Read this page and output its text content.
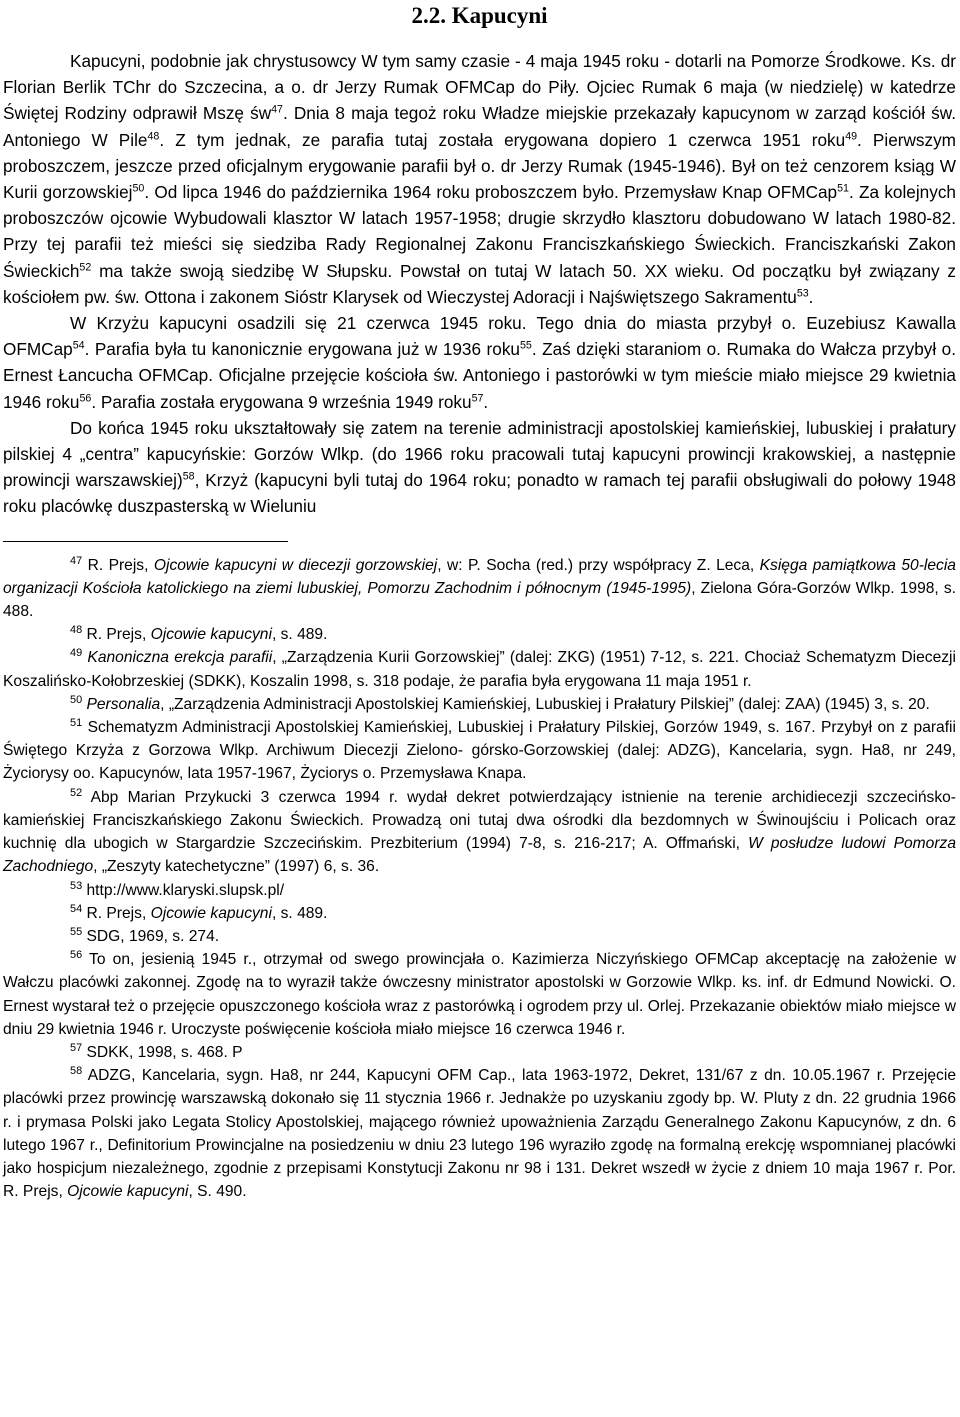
2.2. Kapucyni

Kapucyni, podobnie jak chrystusowcy W tym samy czasie - 4 maja 1945 roku - dotarli na Pomorze Środkowe. Ks. dr Florian Berlik TChr do Szczecina, a o. dr Jerzy Rumak OFMCap do Piły. Ojciec Rumak 6 maja (w niedzielę) w katedrze Świętej Rodziny odprawił Mszę $św^{47}$. Dnia 8 maja tegoż roku Władze miejskie przekazały kapucynom w zarząd kościół św. Antoniego W Pile$^{48}$. Z tym jednak, ze parafia tutaj została erygowana dopiero 1 czerwca 1951 roku$^{49}$. Pierwszym proboszczem, jeszcze przed oficjalnym erygowanie parafii był o. dr Jerzy Rumak (1945-1946). Był on też cenzorem ksiąg W Kurii gorzowskiej$^{50}$. Od lipca 1946 do października 1964 roku proboszczem było. Przemysław Knap OFMCap$^{51}$. Za kolejnych proboszczów ojcowie Wybudowali klasztor W latach 1957-1958; drugie skrzydło klasztoru dobudowano W latach 1980-82. Przy tej parafii też mieści się siedziba Rady Regionalnej Zakonu Franciszkańskiego Świeckich. Franciszkański Zakon Świeckich$^{52}$ ma także swoją siedzibę W Słupsku. Powstał on tutaj W latach 50. XX wieku. Od początku był związany z kościołem pw. św. Ottona i zakonem Sióstr Klarysek od Wieczystej Adoracji i Najświętszego Sakramentu$^{53}$.

W Krzyżu kapucyni osadzili się 21 czerwca 1945 roku. Tego dnia do miasta przybył o. Euzebiusz Kawalla OFMCap$^{54}$. Parafia była tu kanonicznie erygowana już w 1936 roku$^{55}$. Zaś dzięki staraniom o. Rumaka do Wałcza przybył o. Ernest Łancucha OFMCap. Oficjalne przejęcie kościoła św. Antoniego i pastorówki w tym mieście miało miejsce 29 kwietnia 1946 roku$^{56}$. Parafia została erygowana 9 września 1949 roku$^{57}$.

Do końca 1945 roku ukształtowały się zatem na terenie administracji apostolskiej kamieńskiej, lubuskiej i prałatury pilskiej 4 „centra” kapucyńskie: Gorzów Wlkp. (do 1966 roku pracowali tutaj kapucyni prowincji krakowskiej, a następnie prowincji warszawskiej)$^{58}$, Krzyż (kapucyni byli tutaj do 1964 roku; ponadto w ramach tej parafii obsługiwali do połowy 1948 roku placówkę duszpasterską w Wieluniu

$^{47}$ R. Prejs, Ojcowie kapucyni w diecezji gorzowskiej, w: P. Socha (red.) przy współpracy Z. Leca, Księga pamiątkowa 50-lecia organizacji Kościoła katolickiego na ziemi lubuskiej, Pomorzu Zachodnim i północnym (1945-1995), Zielona Góra-Gorzów Wlkp. 1998, s. 488.

$^{48}$ R. Prejs, Ojcowie kapucyni, s. 489.

$^{49}$ Kanoniczna erekcja parafii, „Zarządzenia Kurii Gorzowskiej” (dalej: ZKG) (1951) 7-12, s. 221. Chociaż Schematyzm Diecezji Koszalińsko-Kołobrzeskiej (SDKK), Koszalin 1998, s. 318 podaje, że parafia była erygowana 11 maja 1951 r.

$^{50}$ Personalia, „Zarządzenia Administracji Apostolskiej Kamieńskiej, Lubuskiej i Prałatury Pilskiej” (dalej: ZAA) (1945) 3, s. 20.

$^{51}$ Schematyzm Administracji Apostolskiej Kamieńskiej, Lubuskiej i Prałatury Pilskiej, Gorzów 1949, s. 167. Przybył on z parafii Świętego Krzyża z Gorzowa Wlkp. Archiwum Diecezji Zielono- górsko-Gorzowskiej (dalej: ADZG), Kancelaria, sygn. Ha8, nr 249, Życiorysy oo. Kapucynów, lata 1957-1967, Życiorys o. Przemysława Knapa.

$^{52}$ Abp Marian Przykucki 3 czerwca 1994 r. wydał dekret potwierdzający istnienie na terenie archidiecezji szczecińsko-kamieńskiej Franciszkańskiego Zakonu Świeckich. Prowadzą oni tutaj dwa ośrodki dla bezdomnych w Świnoujściu i Policach oraz kuchnię dla ubogich w Stargardzie Szczecińskim. Prezbiterium (1994) 7-8, s. 216-217; A. Offmański, W posłudze ludowi Pomorza Zachodniego, „Zeszyty katechetyczne” (1997) 6, s. 36.

$^{53}$ http://www.klaryski.slupsk.pl/

$^{54}$ R. Prejs, Ojcowie kapucyni, s. 489.

$^{55}$ SDG, 1969, s. 274.

$^{56}$ To on, jesienią 1945 r., otrzymał od swego prowincjała o. Kazimierza Niczyńskiego OFMCap akceptację na założenie w Wałczu placówki zakonnej. Zgodę na to wyraził także ówczesny ministrator apostolski w Gorzowie Wlkp. ks. inf. dr Edmund Nowicki. O. Ernest wystarał też o przejęcie opuszczonego kościoła wraz z pastorówką i ogrodem przy ul. Orlej. Przekazanie obiektów miało miejsce w dniu 29 kwietnia 1946 r. Uroczyste poświęcenie kościoła miało miejsce 16 czerwca 1946 r.

$^{57}$ SDKK, 1998, s. 468. P

$^{58}$ ADZG, Kancelaria, sygn. Ha8, nr 244, Kapucyni OFM Cap., lata 1963-1972, Dekret, 131/67 z dn. 10.05.1967 r. Przejęcie placówki przez prowincję warszawską dokonało się 11 stycznia 1966 r. Jednakże po uzyskaniu zgody bp. W. Pluty z dn. 22 grudnia 1966 r. i prymasa Polski jako Legata Stolicy Apostolskiej, mającego również upoważnienia Zarządu Generalnego Zakonu Kapucynów, z dn. 6 lutego 1967 r., Definitorium Prowincjalne na posiedzeniu w dniu 23 lutego 196 wyraziło zgodę na formalną erekcję wspomnianej placówki jako hospicjum niezależnego, zgodnie z przepisami Konstytucji Zakonu nr 98 i 131. Dekret wszedł w życie z dniem 10 maja 1967 r. Por. R. Prejs, Ojcowie kapucyni, S. 490.
